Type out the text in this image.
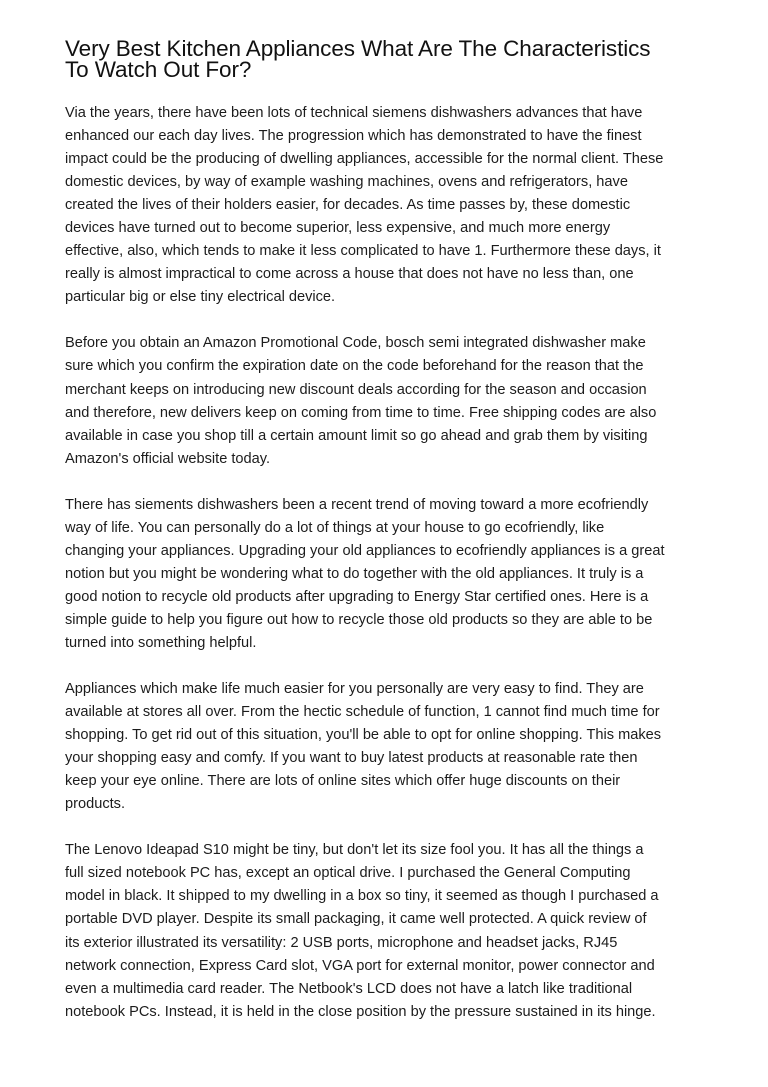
Very Best Kitchen Appliances What Are The Characteristics
To Watch Out For?

Via the years, there have been lots of technical siemens dishwashers advances that have
enhanced our each day lives. The progression which has demonstrated to have the finest
impact could be the producing of dwelling appliances, accessible for the normal client. These
domestic devices, by way of example washing machines, ovens and refrigerators, have
created the lives of their holders easier, for decades. As time passes by, these domestic
devices have turned out to become superior, less expensive, and much more energy
effective, also, which tends to make it less complicated to have 1. Furthermore these days, it
really is almost impractical to come across a house that does not have no less than, one
particular big or else tiny electrical device.

Before you obtain an Amazon Promotional Code, bosch semi integrated dishwasher make
sure which you confirm the expiration date on the code beforehand for the reason that the
merchant keeps on introducing new discount deals according for the season and occasion
and therefore, new delivers keep on coming from time to time. Free shipping codes are also
available in case you shop till a certain amount limit so go ahead and grab them by visiting
Amazon's official website today.

There has siements dishwashers been a recent trend of moving toward a more ecofriendly
way of life. You can personally do a lot of things at your house to go ecofriendly, like
changing your appliances. Upgrading your old appliances to ecofriendly appliances is a great
notion but you might be wondering what to do together with the old appliances. It truly is a
good notion to recycle old products after upgrading to Energy Star certified ones. Here is a
simple guide to help you figure out how to recycle those old products so they are able to be
turned into something helpful.

Appliances which make life much easier for you personally are very easy to find. They are
available at stores all over. From the hectic schedule of function, 1 cannot find much time for
shopping. To get rid out of this situation, you'll be able to opt for online shopping. This makes
your shopping easy and comfy. If you want to buy latest products at reasonable rate then
keep your eye online. There are lots of online sites which offer huge discounts on their
products.

The Lenovo Ideapad S10 might be tiny, but don't let its size fool you. It has all the things a
full sized notebook PC has, except an optical drive. I purchased the General Computing
model in black. It shipped to my dwelling in a box so tiny, it seemed as though I purchased a
portable DVD player. Despite its small packaging, it came well protected. A quick review of
its exterior illustrated its versatility: 2 USB ports, microphone and headset jacks, RJ45
network connection, Express Card slot, VGA port for external monitor, power connector and
even a multimedia card reader. The Netbook's LCD does not have a latch like traditional
notebook PCs. Instead, it is held in the close position by the pressure sustained in its hinge.
